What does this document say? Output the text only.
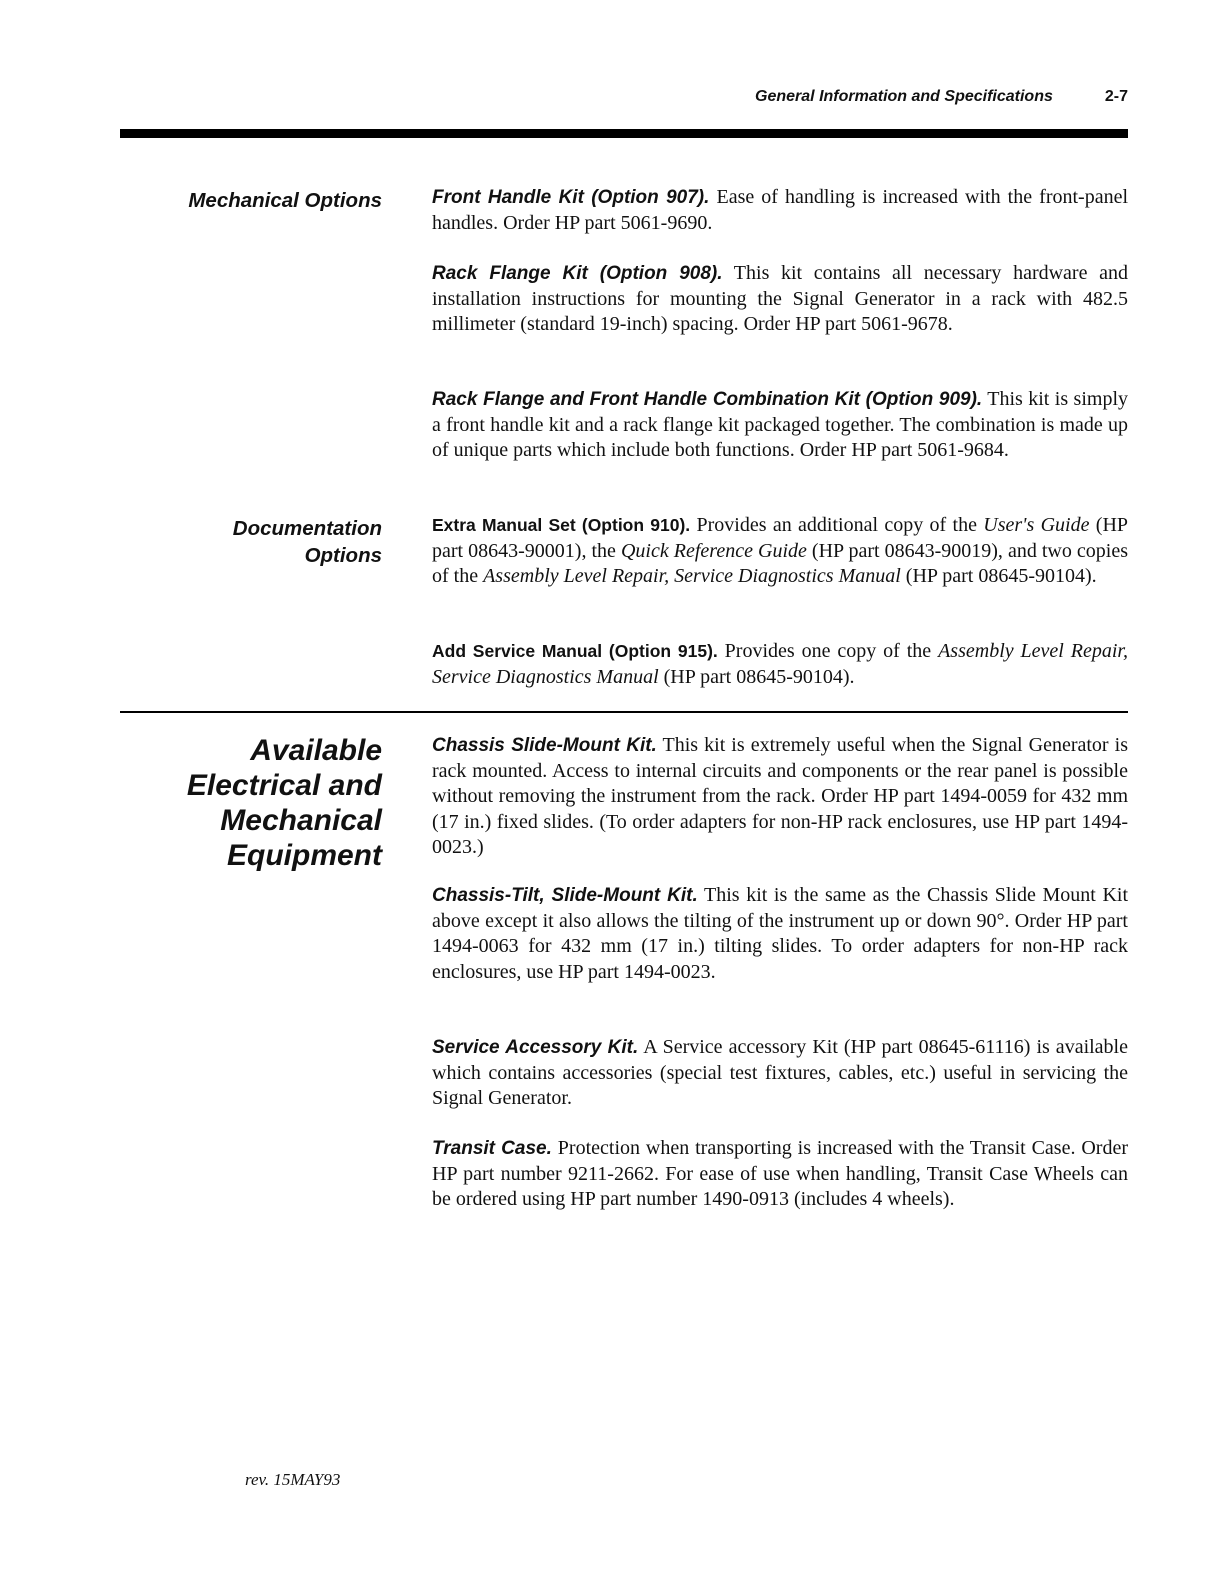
General Information and Specifications	2-7
Mechanical Options	Front Handle Kit (Option 907). Ease of handling is increased with the front-panel handles. Order HP part 5061-9690.

Rack Flange Kit (Option 908). This kit contains all necessary hardware and installation instructions for mounting the Signal Generator in a rack with 482.5 millimeter (standard 19-inch) spacing. Order HP part 5061-9678.

Rack Flange and Front Handle Combination Kit (Option 909). This kit is simply a front handle kit and a rack flange kit packaged together. The combination is made up of unique parts which include both functions. Order HP part 5061-9684.

Documentation
Options

Extra Manual Set (Option 910). Provides an additional copy of the User's Guide (HP part 08643-90001), the Quick Reference Guide (HP part 08643-90019), and two copies of the Assembly Level Repair, Service Diagnostics Manual (HP part 08645-90104).

Add Service Manual (Option 915). Provides one copy of the Assembly Level Repair, Service Diagnostics Manual (HP part 08645-90104).

Available
Electrical and
Mechanical
Equipment

Chassis Slide-Mount Kit. This kit is extremely useful when the Signal Generator is rack mounted. Access to internal circuits and components or the rear panel is possible without removing the instrument from the rack. Order HP part 1494-0059 for 432 mm (17 in.) fixed slides. (To order adapters for non-HP rack enclosures, use HP part 1494-0023.)

Chassis-Tilt, Slide-Mount Kit. This kit is the same as the Chassis Slide Mount Kit above except it also allows the tilting of the instrument up or down 90°. Order HP part 1494-0063 for 432 mm (17 in.) tilting slides. To order adapters for non-HP rack enclosures, use HP part 1494-0023.

Service Accessory Kit. A Service accessory Kit (HP part 08645-61116) is available which contains accessories (special test fixtures, cables, etc.) useful in servicing the Signal Generator.

Transit Case. Protection when transporting is increased with the Transit Case. Order HP part number 9211-2662. For ease of use when handling, Transit Case Wheels can be ordered using HP part number 1490-0913 (includes 4 wheels).

rev. 15MAY93
